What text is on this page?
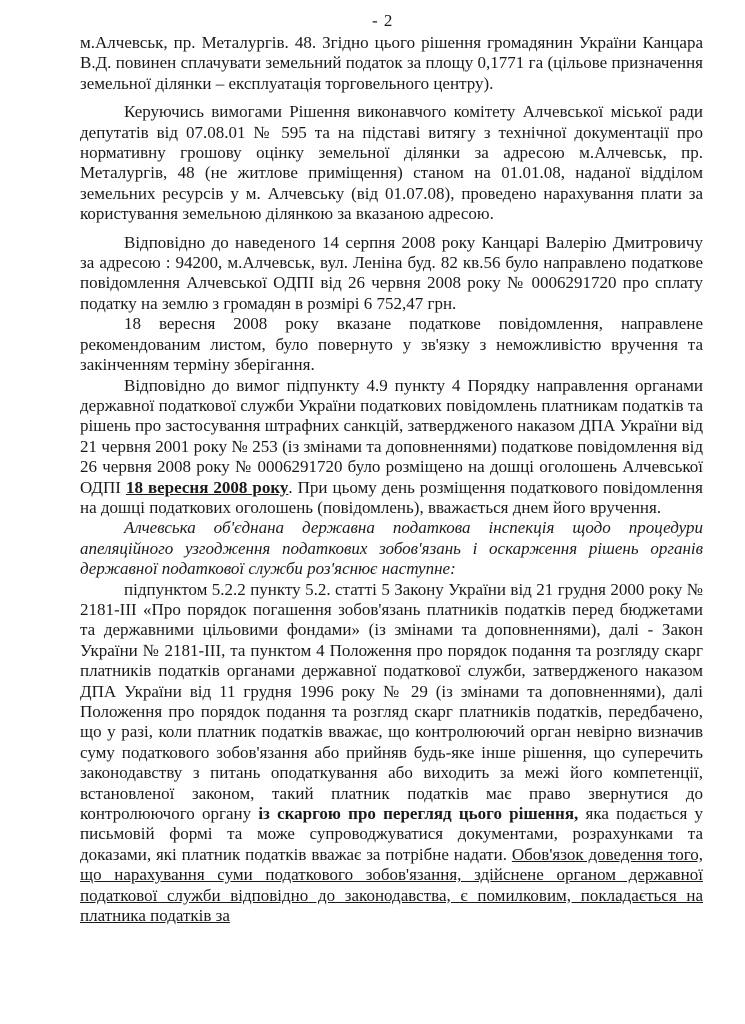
- 2

м.Алчевськ, пр. Металургів. 48. Згідно цього рішення громадянин України Канцара В.Д. повинен сплачувати земельний податок за площу 0,1771 га (цільове призначення земельної ділянки – експлуатація торговельного центру).

Керуючись вимогами Рішення виконавчого комітету Алчевської міської ради депутатів від 07.08.01 № 595 та на підставі витягу з технічної документації про нормативну грошову оцінку земельної ділянки за адресою м.Алчевськ, пр. Металургів, 48 (не житлове приміщення) станом на 01.01.08, наданої відділом земельних ресурсів у м. Алчевську (від 01.07.08), проведено нарахування плати за користування земельною ділянкою за вказаною адресою.

Відповідно до наведеного 14 серпня 2008 року Канцарі Валерію Дмитровичу за адресою : 94200, м.Алчевськ, вул. Леніна буд. 82 кв.56 було направлено податкове повідомлення Алчевської ОДПІ від 26 червня 2008 року № 0006291720 про сплату податку на землю з громадян в розмірі 6 752,47 грн.

18 вересня 2008 року вказане податкове повідомлення, направлене рекомендованим листом, було повернуто у зв'язку з неможливістю вручення та закінченням терміну зберігання.

Відповідно до вимог підпункту 4.9 пункту 4 Порядку направлення органами державної податкової служби України податкових повідомлень платникам податків та рішень про застосування штрафних санкцій, затвердженого наказом ДПА України від 21 червня 2001 року № 253 (із змінами та доповненнями) податкове повідомлення від 26 червня 2008 року № 0006291720 було розміщено на дошці оголошень Алчевської ОДПІ 18 вересня 2008 року. При цьому день розміщення податкового повідомлення на дошці податкових оголошень (повідомлень), вважається днем його вручення.

Алчевська об'єднана державна податкова інспекція щодо процедури апеляційного узгодження податкових зобов'язань і оскарження рішень органів державної податкової служби роз'яснює наступне:

підпунктом 5.2.2 пункту 5.2. статті 5 Закону України від 21 грудня 2000 року № 2181-ІІІ «Про порядок погашення зобов'язань платників податків перед бюджетами та державними цільовими фондами» (із змінами та доповненнями), далі - Закон України № 2181-ІІІ, та пунктом 4 Положення про порядок подання та розгляду скарг платників податків органами державної податкової служби, затвердженого наказом ДПА України від 11 грудня 1996 року № 29 (із змінами та доповненнями), далі Положення про порядок подання та розгляд скарг платників податків, передбачено, що у разі, коли платник податків вважає, що контролюючий орган невірно визначив суму податкового зобов'язання або прийняв будь-яке інше рішення, що суперечить законодавству з питань оподаткування або виходить за межі його компетенції, встановленої законом, такий платник податків має право звернутися до контролюючого органу із скаргою про перегляд цього рішення, яка подається у письмовій формі та може супроводжуватися документами, розрахунками та доказами, які платник податків вважає за потрібне надати. Обов'язок доведення того, що нарахування суми податкового зобов'язання, здійснене органом державної податкової служби відповідно до законодавства, є помилковим, покладається на платника податків за
